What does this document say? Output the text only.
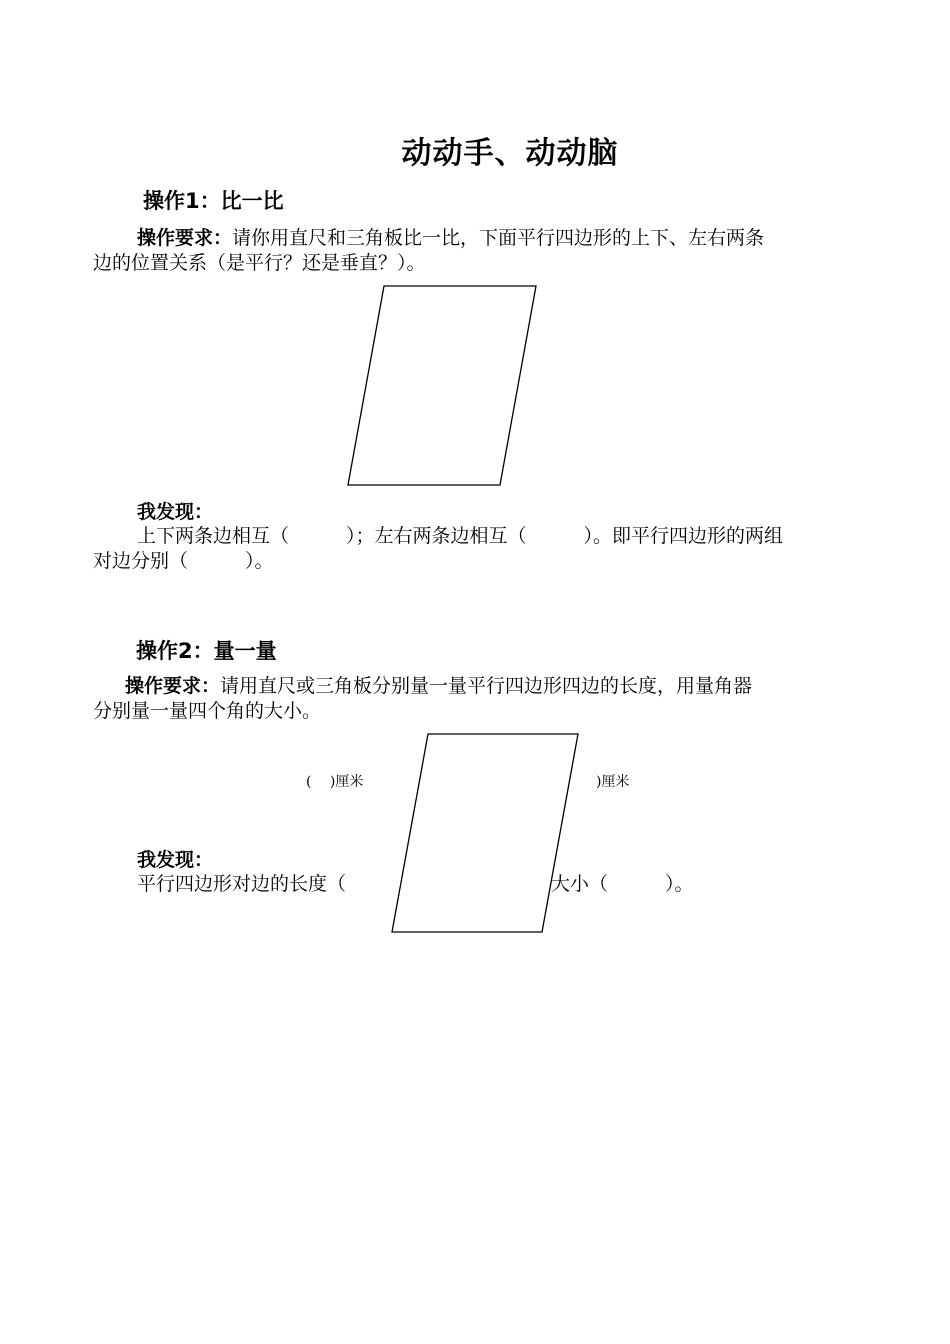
动动手、动动脑
操作1：比一比
操作要求：请你用直尺和三角板比一比，下面平行四边形的上下、左右两条
边的位置关系（是平行？还是垂直？）。
我发现：
上下两条边相互（　　　）；左右两条边相互（　　　）。即平行四边形的两组
对边分别（　　　）。
操作2：量一量
操作要求：请用直尺或三角板分别量一量平行四边形四边的长度，用量角器
分别量一量四个角的大小。
(　 )厘米	)厘米
我发现：
平行四边形对边的长度（	大小（　　　）。
